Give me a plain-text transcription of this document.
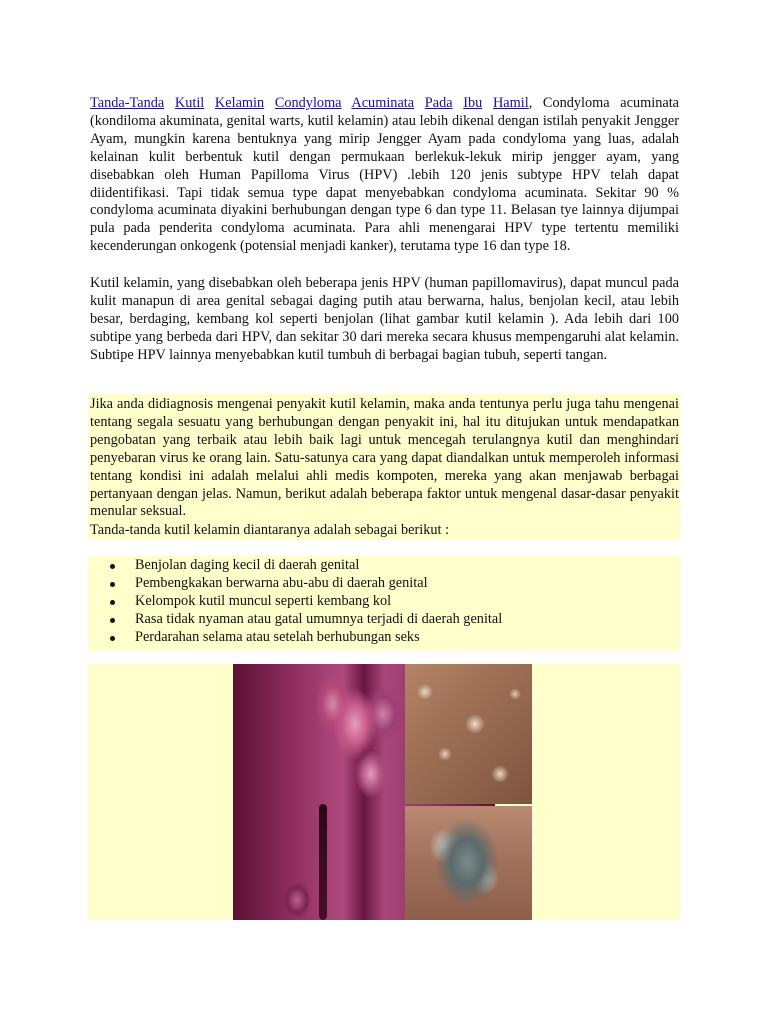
Tanda-Tanda Kutil Kelamin Condyloma Acuminata Pada Ibu Hamil, Condyloma acuminata (kondiloma akuminata, genital warts, kutil kelamin) atau lebih dikenal dengan istilah penyakit Jengger Ayam, mungkin karena bentuknya yang mirip Jengger Ayam pada condyloma yang luas, adalah kelainan kulit berbentuk kutil dengan permukaan berlekuk-lekuk mirip jengger ayam, yang disebabkan oleh Human Papilloma Virus (HPV) .lebih 120 jenis subtype HPV telah dapat diidentifikasi. Tapi tidak semua type dapat menyebabkan condyloma acuminata. Sekitar 90 % condyloma acuminata diyakini berhubungan dengan type 6 dan type 11. Belasan tye lainnya dijumpai pula pada penderita condyloma acuminata. Para ahli menengarai HPV type tertentu memiliki kecenderungan onkogenk (potensial menjadi kanker), terutama type 16 dan type 18.

Kutil kelamin, yang disebabkan oleh beberapa jenis HPV (human papillomavirus), dapat muncul pada kulit manapun di area genital sebagai daging putih atau berwarna, halus, benjolan kecil, atau lebih besar, berdaging, kembang kol seperti benjolan (lihat gambar kutil kelamin ). Ada lebih dari 100 subtipe yang berbeda dari HPV, dan sekitar 30 dari mereka secara khusus mempengaruhi alat kelamin. Subtipe HPV lainnya menyebabkan kutil tumbuh di berbagai bagian tubuh, seperti tangan.

Jika anda didiagnosis mengenai penyakit kutil kelamin, maka anda tentunya perlu juga tahu mengenai tentang segala sesuatu yang berhubungan dengan penyakit ini, hal itu ditujukan untuk mendapatkan pengobatan yang terbaik atau lebih baik lagi untuk mencegah terulangnya kutil dan menghindari penyebaran virus ke orang lain. Satu-satunya cara yang dapat diandalkan untuk memperoleh informasi tentang kondisi ini adalah melalui ahli medis kompoten, mereka yang akan menjawab berbagai pertanyaan dengan jelas. Namun, berikut adalah beberapa faktor untuk mengenal dasar-dasar penyakit menular seksual.

Tanda-tanda kutil kelamin diantaranya adalah sebagai berikut :

Benjolan daging kecil di daerah genital
Pembengkakan berwarna abu-abu di daerah genital
Kelompok kutil muncul seperti kembang kol
Rasa tidak nyaman atau gatal umumnya terjadi di daerah genital
Perdarahan selama atau setelah berhubungan seks
